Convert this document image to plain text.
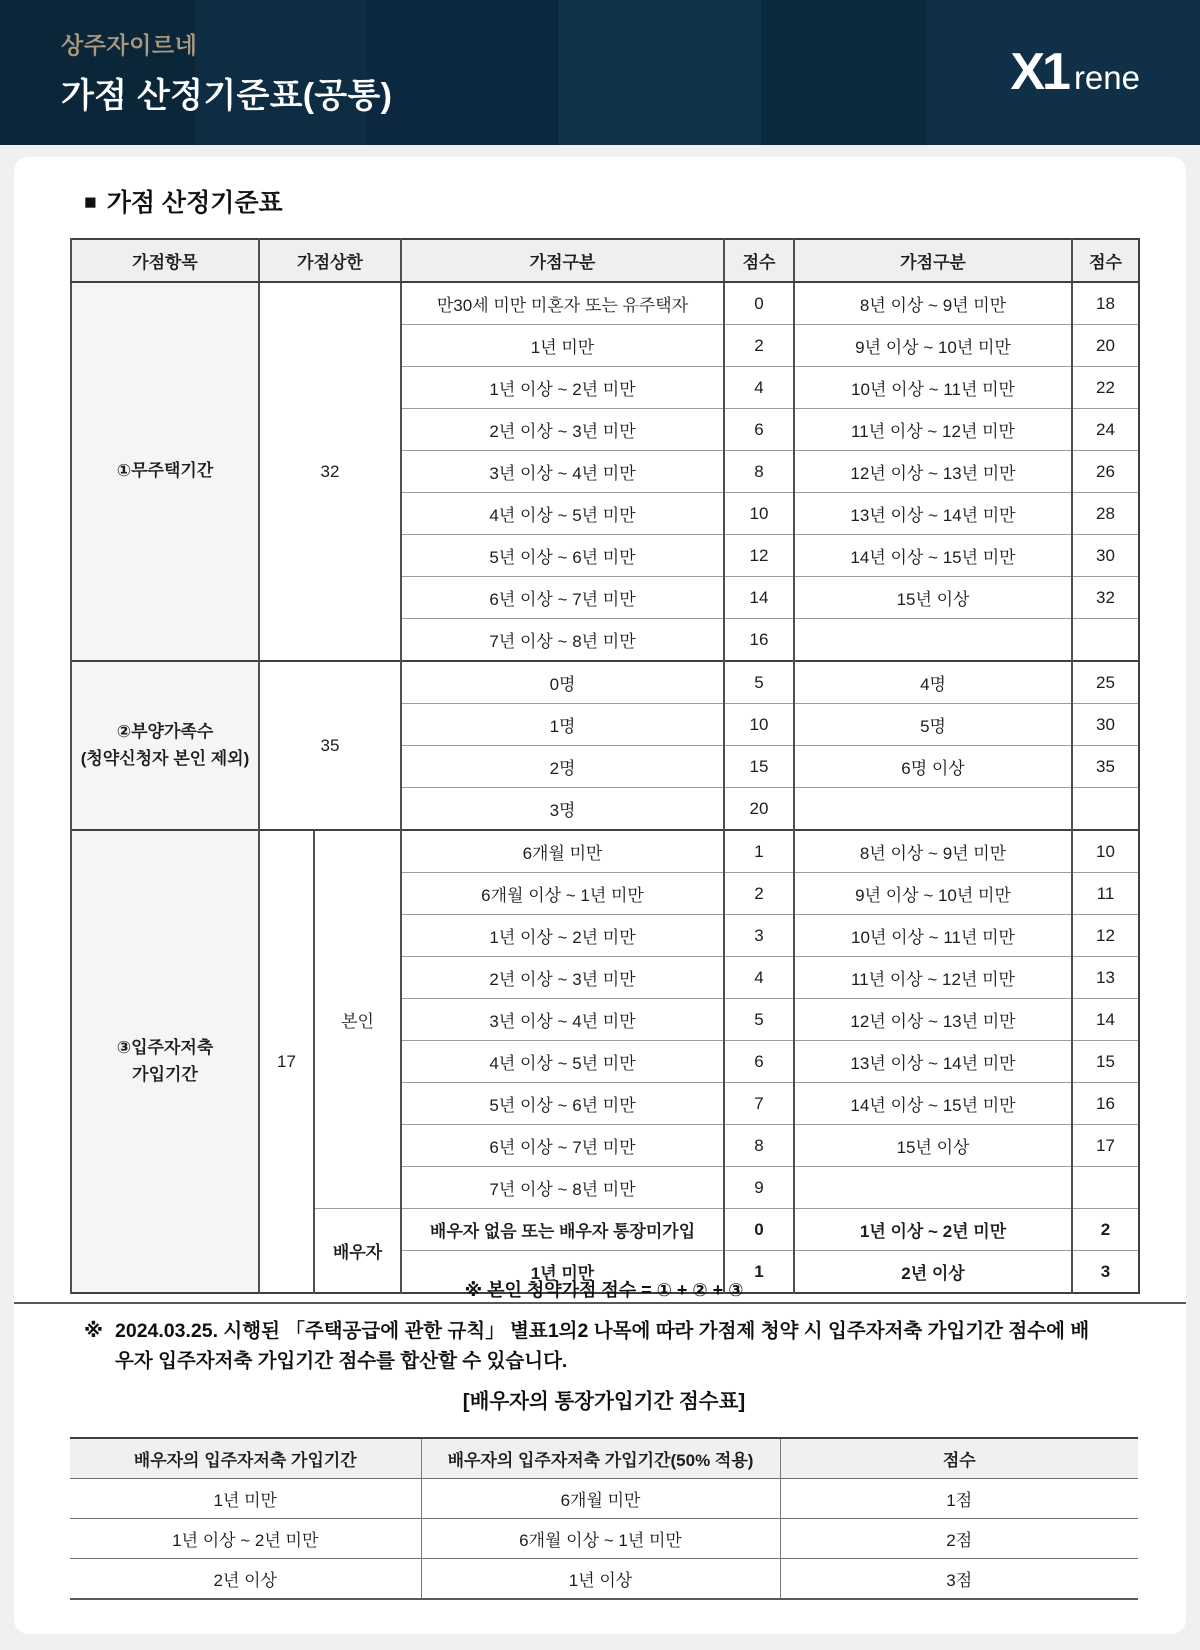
상주자이르네
가점 산정기준표(공통)	X1 rene
■ 가점 산정기준표
가점항목	가점상한		가점구분	점수	가점구분	점수
①무주택기간	32		만30세 미만 미혼자 또는 유주택자	0	8년 이상 ~ 9년 미만	18
			1년 미만	2	9년 이상 ~ 10년 미만	20
			1년 이상 ~ 2년 미만	4	10년 이상 ~ 11년 미만	22
			2년 이상 ~ 3년 미만	6	11년 이상 ~ 12년 미만	24
			3년 이상 ~ 4년 미만	8	12년 이상 ~ 13년 미만	26
			4년 이상 ~ 5년 미만	10	13년 이상 ~ 14년 미만	28
			5년 이상 ~ 6년 미만	12	14년 이상 ~ 15년 미만	30
			6년 이상 ~ 7년 미만	14	15년 이상	32
			7년 이상 ~ 8년 미만	16		

②부양가족수
(청약신청자 본인 제외)	35		0명	5	4명	25
			1명	10	5명	30
			2명	15	6명 이상	35
			3명	20		

③입주자저축
가입기간	17	본인	6개월 미만	1	8년 이상 ~ 9년 미만	10
			6개월 이상 ~ 1년 미만	2	9년 이상 ~ 10년 미만	11
			1년 이상 ~ 2년 미만	3	10년 이상 ~ 11년 미만	12
			2년 이상 ~ 3년 미만	4	11년 이상 ~ 12년 미만	13
			3년 이상 ~ 4년 미만	5	12년 이상 ~ 13년 미만	14
			4년 이상 ~ 5년 미만	6	13년 이상 ~ 14년 미만	15
			5년 이상 ~ 6년 미만	7	14년 이상 ~ 15년 미만	16
			6년 이상 ~ 7년 미만	8	15년 이상	17
			7년 이상 ~ 8년 미만	9		
		배우자	배우자 없음 또는 배우자 통장미가입	0	1년 이상 ~ 2년 미만	2
			1년 미만	1	2년 이상	3
※ 본인 청약가점 점수 = ① + ② + ③
※ 2024.03.25. 시행된 「주택공급에 관한 규칙」 별표1의2 나목에 따라 가점제 청약 시 입주자저축 가입기간 점수에 배우자 입주자저축 가입기간 점수를 합산할 수 있습니다.
[배우자의 통장가입기간 점수표]
배우자의 입주자저축 가입기간	배우자의 입주자저축 가입기간(50% 적용)	점수
1년 미만	6개월 미만	1점
1년 이상 ~ 2년 미만	6개월 이상 ~ 1년 미만	2점
2년 이상	1년 이상	3점
